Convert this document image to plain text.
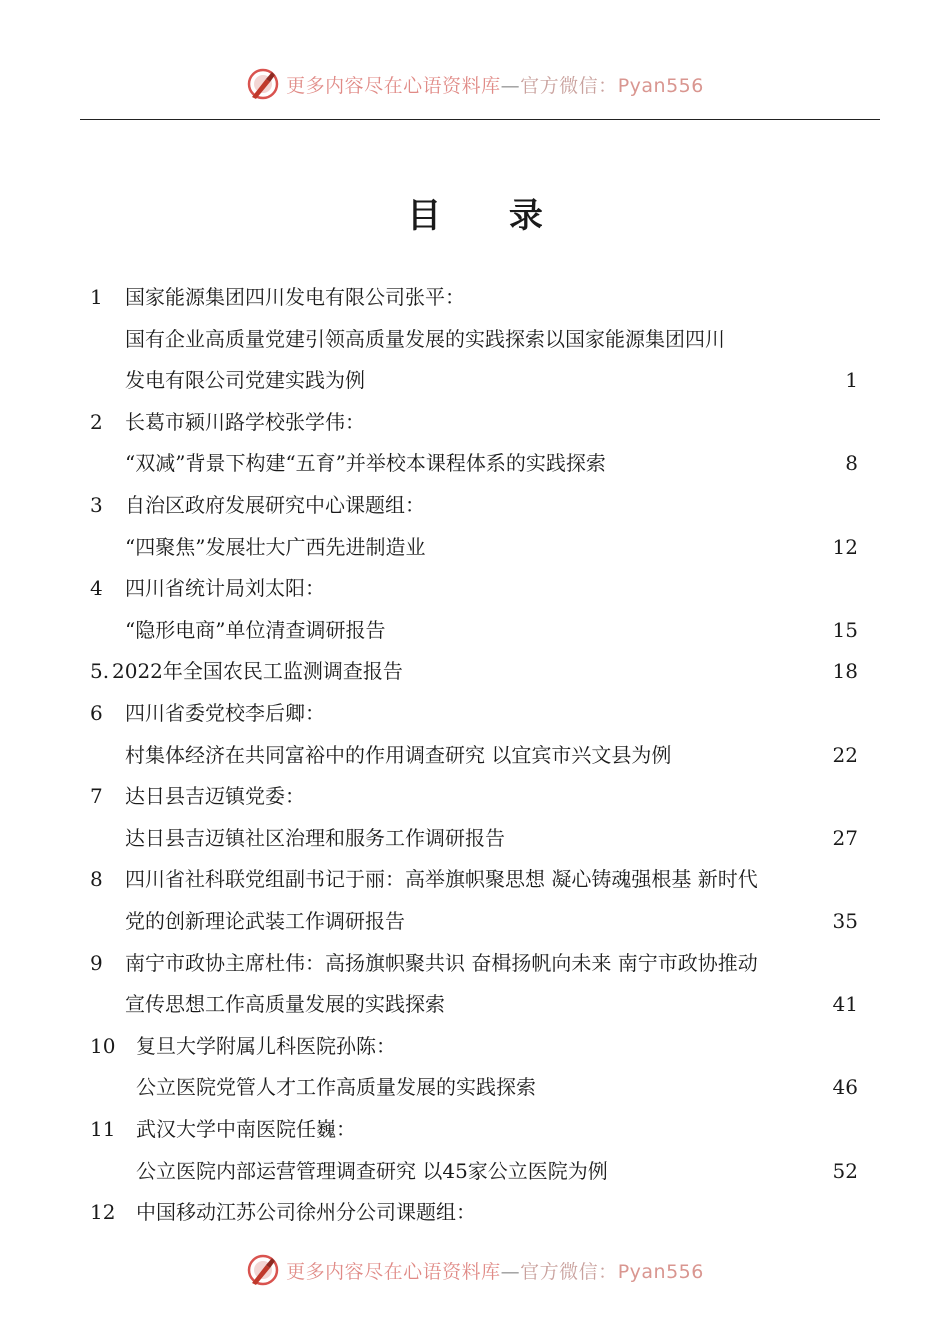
更多内容尽在心语资料库—官方微信：Pyan556
目 录
1 国家能源集团四川发电有限公司张平：
国有企业高质量党建引领高质量发展的实践探索以国家能源集团四川
发电有限公司党建实践为例	1
2 长葛市颍川路学校张学伟：
“双减”背景下构建“五育”并举校本课程体系的实践探索	8
3 自治区政府发展研究中心课题组：
“四聚焦”发展壮大广西先进制造业	12
4 四川省统计局刘太阳：
“隐形电商”单位清查调研报告	15
5. 2022年全国农民工监测调查报告	18
6 四川省委党校李后卿：
村集体经济在共同富裕中的作用调查研究 以宜宾市兴文县为例	22
7 达日县吉迈镇党委：
达日县吉迈镇社区治理和服务工作调研报告	27
8 四川省社科联党组副书记于丽：高举旗帜聚思想 凝心铸魂强根基 新时代
党的创新理论武装工作调研报告	35
9 南宁市政协主席杜伟：高扬旗帜聚共识 奋楫扬帆向未来 南宁市政协推动
宣传思想工作高质量发展的实践探索	41
10 复旦大学附属儿科医院孙陈：
公立医院党管人才工作高质量发展的实践探索	46
11 武汉大学中南医院任巍：
公立医院内部运营管理调查研究 以45家公立医院为例	52
12 中国移动江苏公司徐州分公司课题组：
更多内容尽在心语资料库—官方微信：Pyan556
